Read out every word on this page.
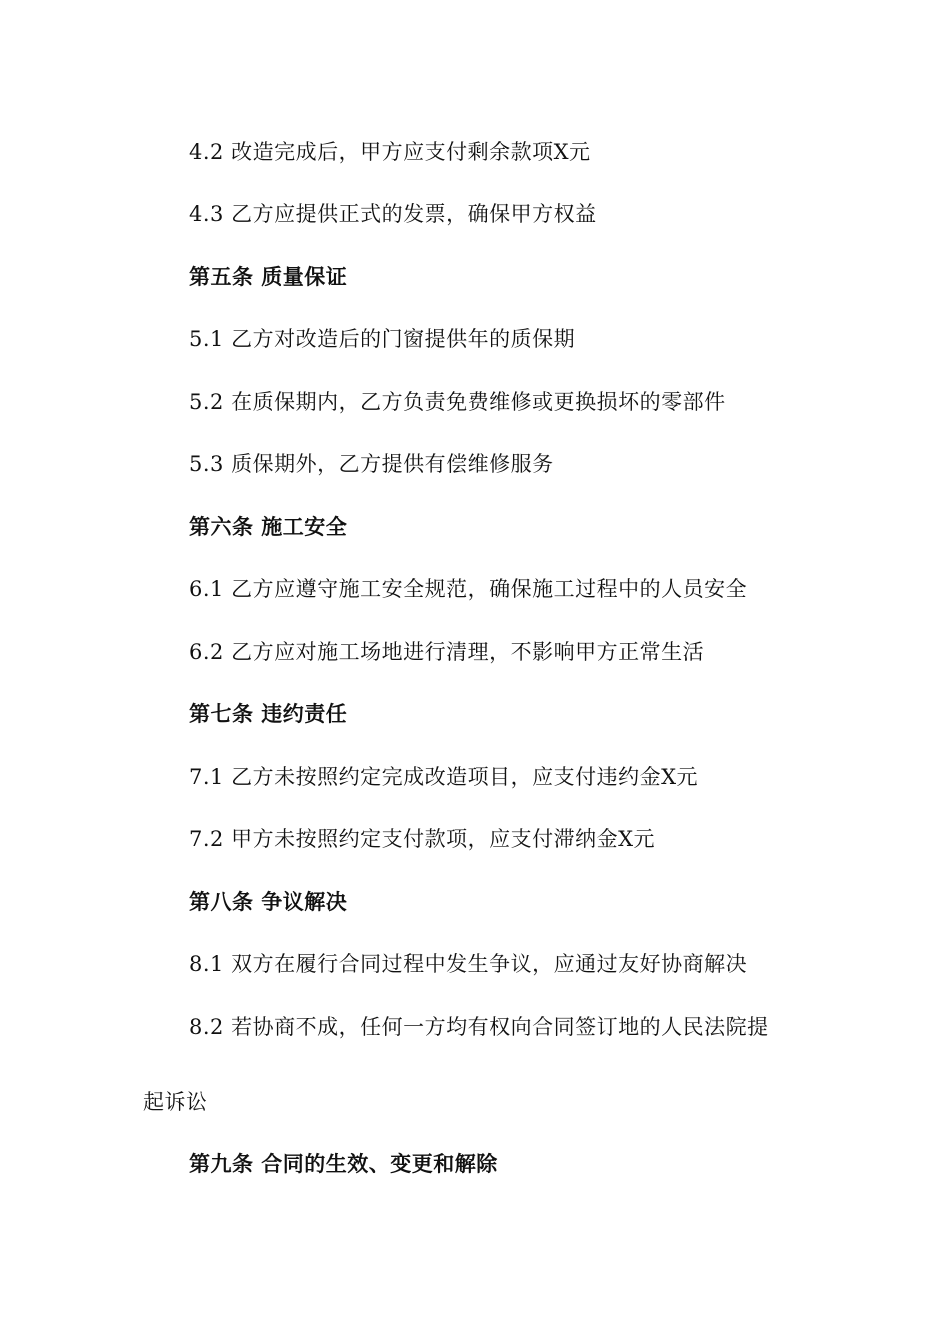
4.2 改造完成后，甲方应支付剩余款项X元
4.3 乙方应提供正式的发票，确保甲方权益
第五条 质量保证
5.1 乙方对改造后的门窗提供年的质保期
5.2 在质保期内，乙方负责免费维修或更换损坏的零部件
5.3 质保期外，乙方提供有偿维修服务
第六条 施工安全
6.1 乙方应遵守施工安全规范，确保施工过程中的人员安全
6.2 乙方应对施工场地进行清理，不影响甲方正常生活
第七条 违约责任
7.1 乙方未按照约定完成改造项目，应支付违约金X元
7.2 甲方未按照约定支付款项，应支付滞纳金X元
第八条 争议解决
8.1 双方在履行合同过程中发生争议，应通过友好协商解决
8.2 若协商不成，任何一方均有权向合同签订地的人民法院提
起诉讼
第九条 合同的生效、变更和解除
